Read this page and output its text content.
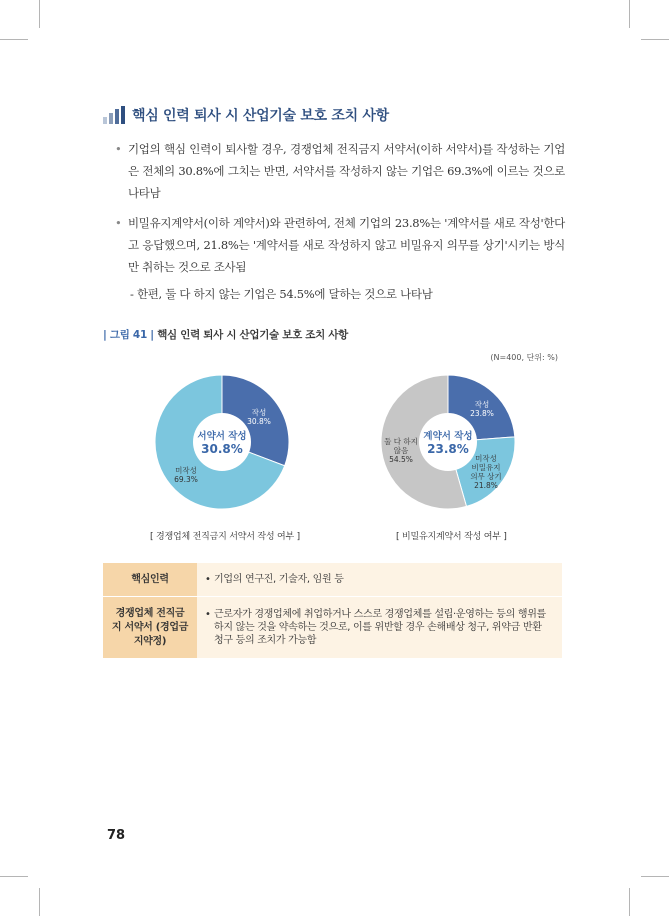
핵심 인력 퇴사 시 산업기술 보호 조치 사항
• 기업의 핵심 인력이 퇴사할 경우, 경쟁업체 전직금지 서약서(이하 서약서)를 작성하는 기업은 전체의 30.8%에 그치는 반면, 서약서를 작성하지 않는 기업은 69.3%에 이르는 것으로 나타남
• 비밀유지계약서(이하 계약서)와 관련하여, 전체 기업의 23.8%는 '계약서를 새로 작성'한다고 응답했으며, 21.8%는 '계약서를 새로 작성하지 않고 비밀유지 의무를 상기'시키는 방식만 취하는 것으로 조사됨
- 한편, 둘 다 하지 않는 기업은 54.5%에 달하는 것으로 나타남
| 그림 41 | 핵심 인력 퇴사 시 산업기술 보호 조치 사항
(N=400, 단위: %)
작성
30.8%
미작성
69.3%
서약서 작성
30.8%
작성
23.8%
미작성
비밀유지
의무 상기
21.8%
둘 다 하지
않음
54.5%
계약서 작성
23.8%
[ 경쟁업체 전직금지 서약서 작성 여부 ]	[ 비밀유지계약서 작성 여부 ]
핵심인력	• 기업의 연구진, 기술자, 임원 등

경쟁업체 전직금지 서약서 (경업금지약정)	• 근로자가 경쟁업체에 취업하거나 스스로 경쟁업체를 설립·운영하는 등의 행위를 하지 않는 것을 약속하는 것으로, 이를 위반할 경우 손해배상 청구, 위약금 반환 청구 등의 조치가 가능함
78
